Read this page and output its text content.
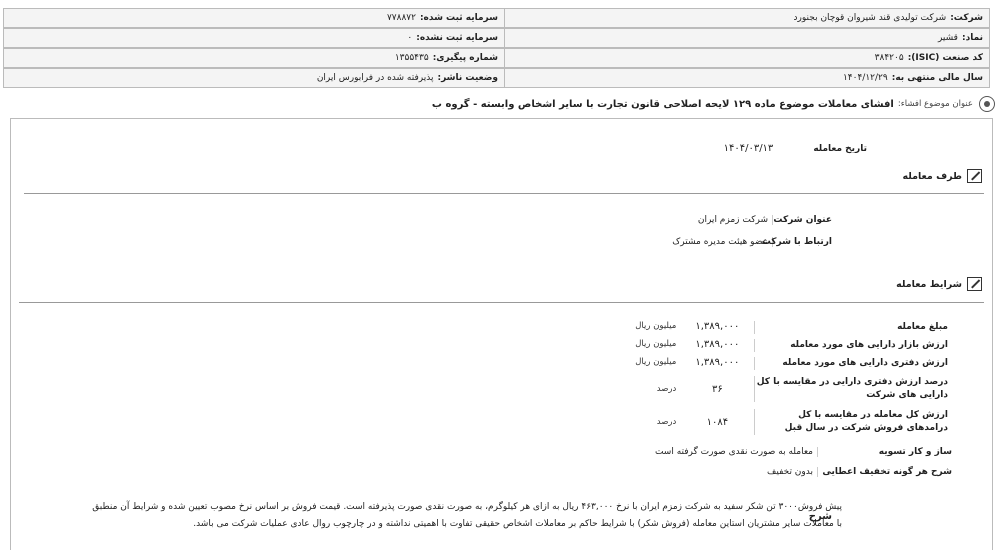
شرکت:
شرکت تولیدی قند شیروان قوچان بجنورد
سرمایه ثبت شده:
۷۷۸۸۷۲
نماد:
قشیر
سرمایه ثبت نشده:
۰
کد صنعت (ISIC):
۳۸۴۲۰۵
شماره پیگیری:
۱۳۵۵۴۳۵
سال مالی منتهی به:
۱۴۰۴/۱۲/۲۹
وضعیت ناشر:
پذیرفته شده در فرابورس ایران
عنوان موضوع افشاء:
افشای معاملات موضوع ماده ۱۲۹ لایحه اصلاحی قانون تجارت با سایر اشخاص وابسته - گروه ب
تاریخ معامله
۱۴۰۴/۰۳/۱۳
طرف معامله
عنوان شرکت
شرکت زمزم ایران
ارتباط با شرکت
عضو هیئت مدیره مشترک
شرایط معامله
مبلغ معامله
۱,۳۸۹,۰۰۰
میلیون ریال
ارزش بازار دارایی های مورد معامله
۱,۳۸۹,۰۰۰
میلیون ریال
ارزش دفتری دارایی های مورد معامله
۱,۳۸۹,۰۰۰
میلیون ریال
درصد ارزش دفتری دارایی در مقایسه با کل دارایی های شرکت
۳۶
درصد
ارزش کل معامله در مقایسه با کل درامدهای فروش شرکت در سال قبل
۱۰۸۴
درصد
ساز و کار تسویه
معامله به صورت نقدی صورت گرفته است
شرح هر گونه تخفیف اعطایی
بدون تخفیف
شرح
پیش فروش۳۰۰۰ تن شکر سفید به شرکت زمزم ایران با نرخ ۴۶۳,۰۰۰ ریال به ازای هر کیلوگرم، به صورت نقدی صورت پذیرفته است. قیمت فروش بر اساس نرخ مصوب تعیین شده و شرایط آن منطبق با معاملات سایر مشتریان استاین معامله (فروش شکر) با شرایط حاکم بر معاملات اشخاص حقیقی تفاوت با اهمیتی نداشته و در چارچوب روال عادی عملیات شرکت می باشد.
